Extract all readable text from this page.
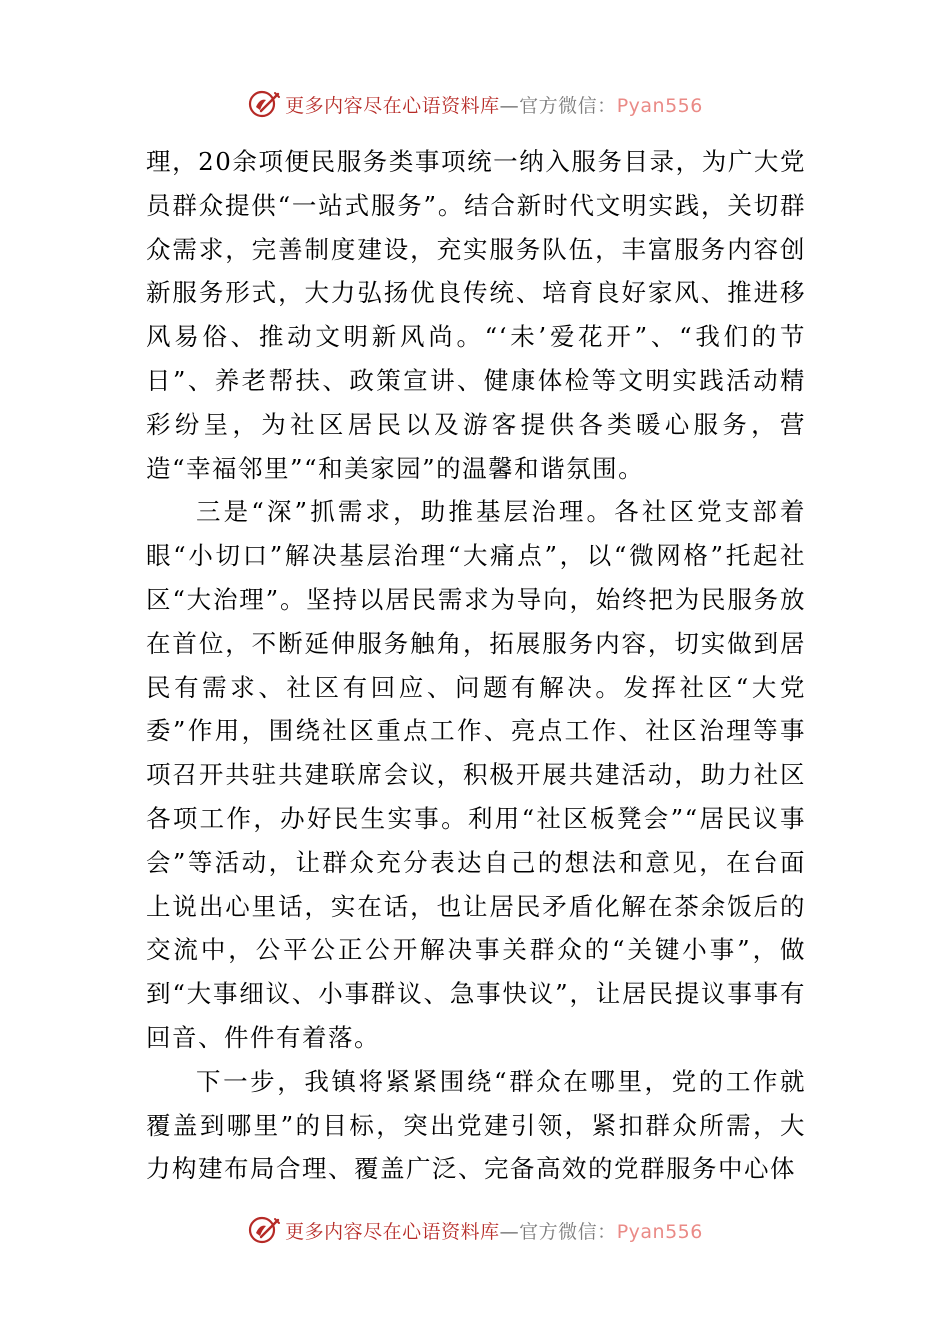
更多内容尽在心语资料库—官方微信：Pyan556

理，20余项便民服务类事项统一纳入服务目录，为广大党员群众提供“一站式服务”。结合新时代文明实践，关切群众需求，完善制度建设，充实服务队伍，丰富服务内容创新服务形式，大力弘扬优良传统、培育良好家风、推进移风易俗、推动文明新风尚。“‘未’爱花开”、“我们的节日”、养老帮扶、政策宣讲、健康体检等文明实践活动精彩纷呈，为社区居民以及游客提供各类暖心服务，营造“幸福邻里”“和美家园”的温馨和谐氛围。

三是“深”抓需求，助推基层治理。各社区党支部着眼“小切口”解决基层治理“大痛点”，以“微网格”托起社区“大治理”。坚持以居民需求为导向，始终把为民服务放在首位，不断延伸服务触角，拓展服务内容，切实做到居民有需求、社区有回应、问题有解决。发挥社区“大党委”作用，围绕社区重点工作、亮点工作、社区治理等事项召开共驻共建联席会议，积极开展共建活动，助力社区各项工作，办好民生实事。利用“社区板凳会”“居民议事会”等活动，让群众充分表达自己的想法和意见，在台面上说出心里话，实在话，也让居民矛盾化解在茶余饭后的交流中，公平公正公开解决事关群众的“关键小事”，做到“大事细议、小事群议、急事快议”，让居民提议事事有回音、件件有着落。

下一步，我镇将紧紧围绕“群众在哪里，党的工作就覆盖到哪里”的目标，突出党建引领，紧扣群众所需，大力构建布局合理、覆盖广泛、完备高效的党群服务中心体

更多内容尽在心语资料库—官方微信：Pyan556
